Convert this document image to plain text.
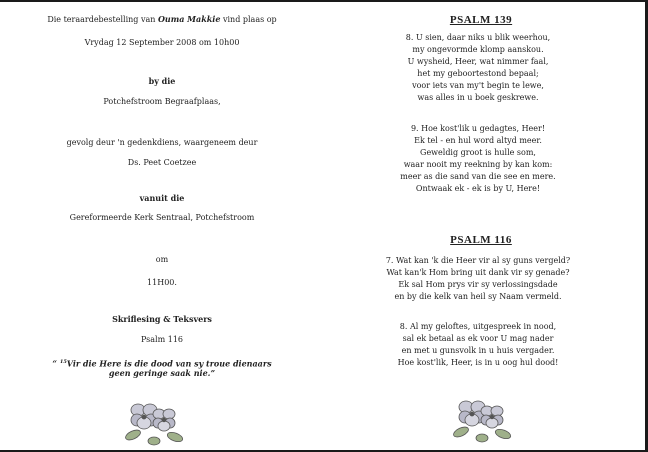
Die teraardebestelling van Ouma Makkie vind plaas op
Vrydag 12 September 2008 om 10h00
by die
Potchefstroom Begraafplaas,
gevolg deur 'n gedenkdiens, waargeneem deur
Ds. Peet Coetzee
vanuit die
Gereformeerde Kerk Sentraal, Potchefstroom
om
11H00.
Skriflesing & Teksvers
Psalm 116
“ $^{15}$Vir die Here is die dood van sy troue dienaars
geen geringe saak nie.”
PSALM 139
8. U sien, daar niks u blik weerhou,
my ongevormde klomp aanskou.
U wysheid, Heer, wat nimmer faal,
het my geboortestond bepaal;
voor iets van my't begin te lewe,
was alles in u boek geskrewe.
9. Hoe kost'lik u gedagtes, Heer!
Ek tel - en hul word altyd meer.
Geweldig groot is hulle som,
waar nooit my reekning by kan kom:
meer as die sand van die see en mere.
Ontwaak ek - ek is by U, Here!
PSALM 116
7. Wat kan 'k die Heer vir al sy guns vergeld?
Wat kan'k Hom bring uit dank vir sy genade?
Ek sal Hom prys vir sy verlossingsdade
en by die kelk van heil sy Naam vermeld.
8. Al my geloftes, uitgespreek in nood,
sal ek betaal as ek voor U mag nader
en met u gunsvolk in u huis vergader.
Hoe kost'lik, Heer, is in u oog hul dood!
